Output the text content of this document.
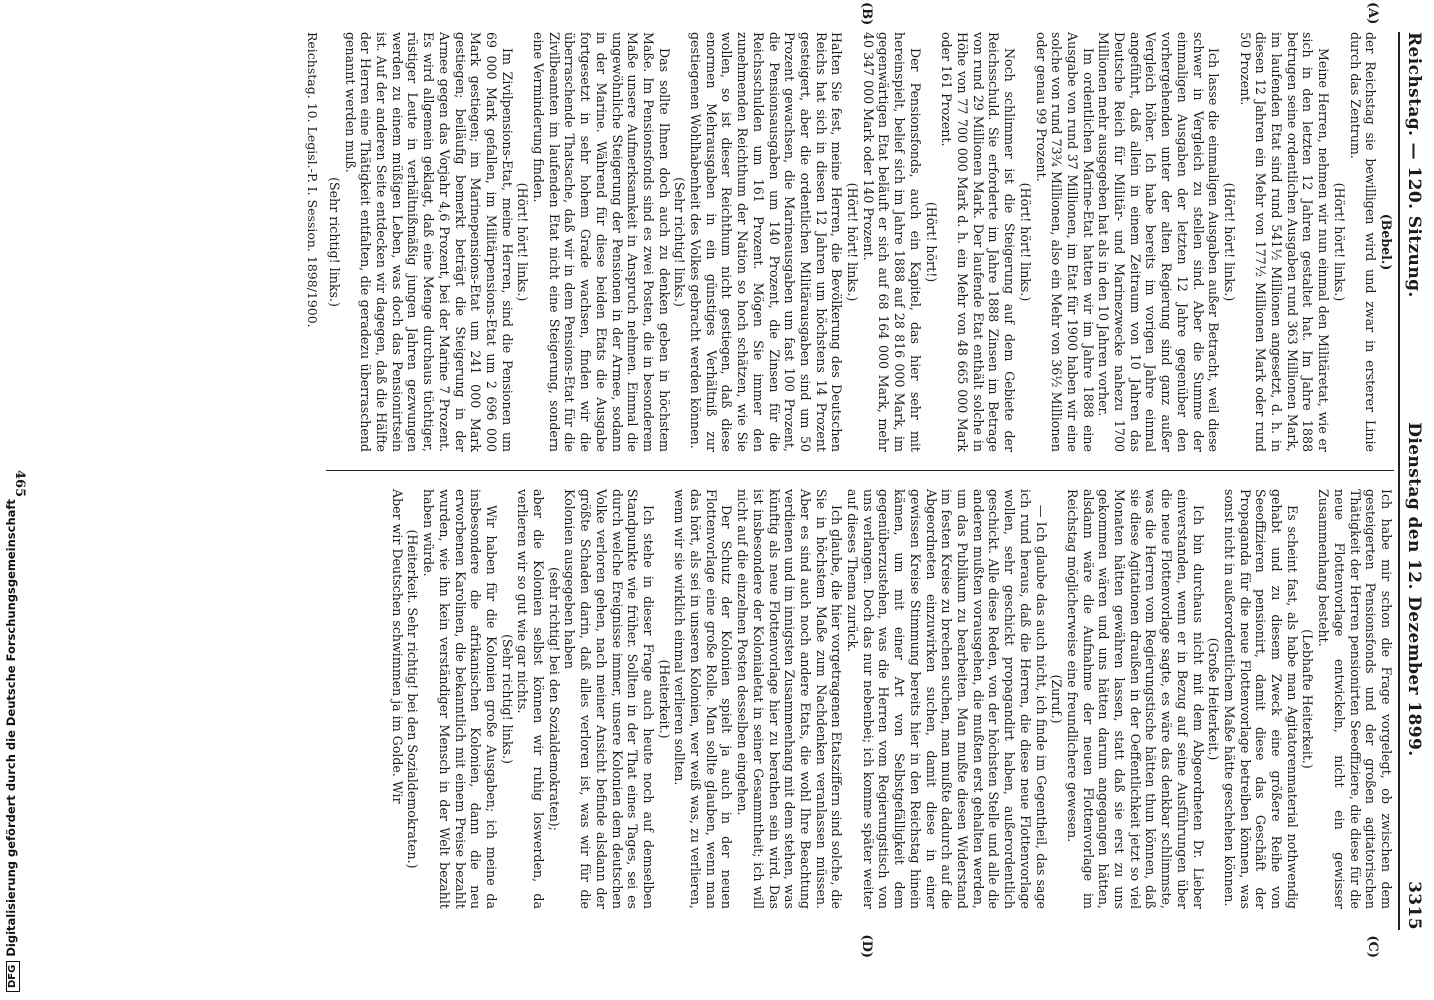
DFGDigitalisierung gefördert durch die Deutsche Forschungsgemeinschaft
Reichstag. — 120. Sitzung.
Dienstag den 12. Dezember 1899.
3315
(A)
(B)
(C)
(D)

(Bebel.)

der Reichstag sie bewilligen wird und zwar in ersterer Linie durch das Zentrum.

(Hört! hört! links.)

Meine Herren, nehmen wir nun einmal den Militäretat, wie er sich in den letzten 12 Jahren gestaltet hat. Im Jahre 1888 betrugen seine ordentlichen Ausgaben rund 363 Millionen Mark, im laufenden Etat sind rund 541½ Millionen angesetzt, d. h. in diesen 12 Jahren ein Mehr von 177½ Millionen Mark oder rund 50 Prozent.

(Hört! hört! links.)

Ich lasse die einmaligen Ausgaben außer Betracht, weil diese schwer in Vergleich zu stellen sind. Aber die Summe der einmaligen Ausgaben der letzten 12 Jahre gegenüber den vorhergehenden unter der alten Regierung sind ganz außer Vergleich höher. Ich habe bereits im vorigen Jahre einmal angeführt, daß allein in einem Zeitraum von 10 Jahren das Deutsche Reich für Militär- und Marinezwecke nahezu 1700 Millionen mehr ausgegeben hat als in den 10 Jahren vorher.

Im ordentlichen Marine-Etat hatten wir im Jahre 1888 eine Ausgabe von rund 37 Millionen, im Etat für 1900 haben wir eine solche von rund 73¾ Millionen, also ein Mehr von 36½ Millionen oder genau 99 Prozent.

(Hört! hört! links.)

Noch schlimmer ist die Steigerung auf dem Gebiete der Reichsschuld. Sie erforderte im Jahre 1888 Zinsen im Betrage von rund 29 Millionen Mark. Der laufende Etat enthält solche in Höhe von 77 700 000 Mark d. h. ein Mehr von 48 665 000 Mark oder 161 Prozent.

(Hört! hört!)

Der Pensionsfonds, auch ein Kapitel, das hier sehr mit hereinspielt, belief sich im Jahre 1888 auf 28 816 000 Mark, im gegenwärtigen Etat beläuft er sich auf 68 164 000 Mark, mehr 40 347 000 Mark oder 140 Prozent.

(Hört! hört! links.)

Halten Sie fest, meine Herren, die Bevölkerung des Deutschen Reichs hat sich in diesen 12 Jahren um höchstens 14 Prozent gesteigert, aber die ordentlichen Militärausgaben sind um 50 Prozent gewachsen, die Marineausgaben um fast 100 Prozent, die Pensionsausgaben um 140 Prozent, die Zinsen für die Reichsschulden um 161 Prozent. Mögen Sie immer den zunehmenden Reichthum der Nation so hoch schätzen, wie Sie wollen, so ist dieser Reichthum nicht gestiegen, daß diese enormen Mehrausgaben in ein günstiges Verhältniß zur gestiegenen Wohlhabenheit des Volkes gebracht werden können.

(Sehr richtig! links.)

Das sollte Ihnen doch auch zu denken geben in höchstem Maße. Im Pensionsfonds sind es zwei Posten, die in besonderem Maße unsere Aufmerksamkeit in Anspruch nehmen. Einmal die ungewöhnliche Steigerung der Pensionen in der Armee, sodann in der Marine. Während für diese beiden Etats die Ausgabe fortgesetzt in sehr hohem Grade wachsen, finden wir die überraschende Thatsache, daß wir in dem Pensions-Etat für die Zivilbeamten im laufenden Etat nicht eine Steigerung, sondern eine Verminderung finden.

(Hört! hört! links.)

Im Zivilpensions-Etat, meine Herren, sind die Pensionen um 69 000 Mark gefallen, im Militärpensions-Etat um 2 696 000 Mark gestiegen; im Marinepensions-Etat um 241 000 Mark gestiegen; beiläufig bemerkt beträgt die Steigerung in der Armee gegen das Vorjahr 4,6 Prozent, bei der Marine 7 Prozent. Es wird allgemein geklagt, daß eine Menge durchaus tüchtiger, rüstiger Leute in verhältnißmäßig jungen Jahren gezwungen werden zu einem müßigen Leben, was doch das Pensionirtsein ist. Auf der anderen Seite entdecken wir dagegen, daß die Hälfte der Herren eine Thätigkeit entfalten, die geradezu überraschend genannt werden muß.

(Sehr richtig! links.)

Ich habe mir schon die Frage vorgelegt, ob zwischen dem gesteigerten Pensionsfonds und der großen agitatorischen Thätigkeit der Herren pensionirten Seeoffiziere, die diese für die neue Flottenvorlage entwickeln, nicht ein gewisser Zusammenhang besteht.

(Lebhafte Heiterkeit.)

Es scheint fast, als habe man Agitatorenmaterial nothwendig gehabt und zu diesem Zweck eine größere Reihe von Seeoffizieren pensionirt, damit diese das Geschäft der Propaganda für die neue Flottenvorlage betreiben können, was sonst nicht in außerordentlichem Maße hätte geschehen können.

(Große Heiterkeit.)

Ich bin durchaus nicht mit dem Abgeordneten Dr. Lieber einverstanden, wenn er in Bezug auf seine Ausführungen über die neue Flottenvorlage sagte, es wäre das denkbar schlimmste, was die Herren vom Regierungstische hätten thun können, daß sie diese Agitationen draußen in der Oeffentlichkeit jetzt so viel Monaten hätten gewähren lassen, statt daß sie erst zu uns gekommen wären und uns hätten darum angegangen hätten, alsdann wäre die Aufnahme der neuen Flottenvorlage im Reichstag möglicherweise eine freundlichere gewesen.

(Zuruf.)

— Ich glaube das auch nicht, ich finde im Gegentheil, das sage ich rund heraus, daß die Herren, die diese neue Flottenvorlage wollen, sehr geschickt propagandirt haben, außerordentlich geschickt. Alle diese Reden, von der höchsten Stelle und alle die anderen mußten vorausgehen, die mußten erst gehalten werden, um das Publikum zu bearbeiten. Man mußte diesen Widerstand im festen Kreise zu brechen suchen, man mußte dadurch auf die Abgeordneten einzuwirken suchen, damit diese in einer gewissen Kreise Stimmung bereits hier in den Reichstag hinein kämen, um mit einer Art von Selbstgefälligkeit dem gegenüberzustehen, was die Herren vom Regierungstisch von uns verlangen. Doch das nur nebenbei; ich komme später weiter auf dieses Thema zurück.

Ich glaube, die hier vorgetragenen Etatsziffern sind solche, die Sie in höchstem Maße zum Nachdenken veranlassen müssen. Aber es sind auch noch andere Etats, die wohl Ihre Beachtung verdienen und im innigsten Zusammenhang mit dem stehen, was künftig als neue Flottenvorlage hier zu berathen sein wird. Das ist insbesondere der Kolonialetat in seiner Gesammtheit; ich will nicht auf die einzelnen Posten desselben eingehen.

Der Schutz der Kolonien spielt ja auch in der neuen Flottenvorlage eine große Rolle. Man sollte glauben, wenn man das hört, als sei in unseren Kolonien, wer weiß was, zu verlieren, wenn wir sie wirklich einmal verlieren sollten.

(Heiterkeit.)

Ich stehe in dieser Frage auch heute noch auf demselben Standpunkte wie früher. Sollten in der That eines Tages, sei es durch welche Ereignisse immer, unsere Kolonien dem deutschen Volke verloren gehen, nach meiner Ansicht befinde alsdann der größte Schaden darin, daß alles verloren ist, was wir für die Kolonien ausgegeben haben

(sehr richtig! bei den Sozialdemokraten);

aber die Kolonien selbst können wir ruhig loswerden, da verlieren wir so gut wie gar nichts.

(Sehr richtig! links.)

Wir haben für die Kolonien große Ausgaben; ich meine da insbesondere die afrikanischen Kolonien, dann die neu erworbenen Karolinen, die bekanntlich mit einem Preise bezahlt wurden, wie ihn kein verständiger Mensch in der Welt bezahlt haben würde.

(Heiterkeit. Sehr richtig! bei den Sozialdemokraten.)

Aber wir Deutschen schwimmen ja im Golde. Wir

Reichstag. 10. Legisl.-P. I. Session. 1898/1900.
465
